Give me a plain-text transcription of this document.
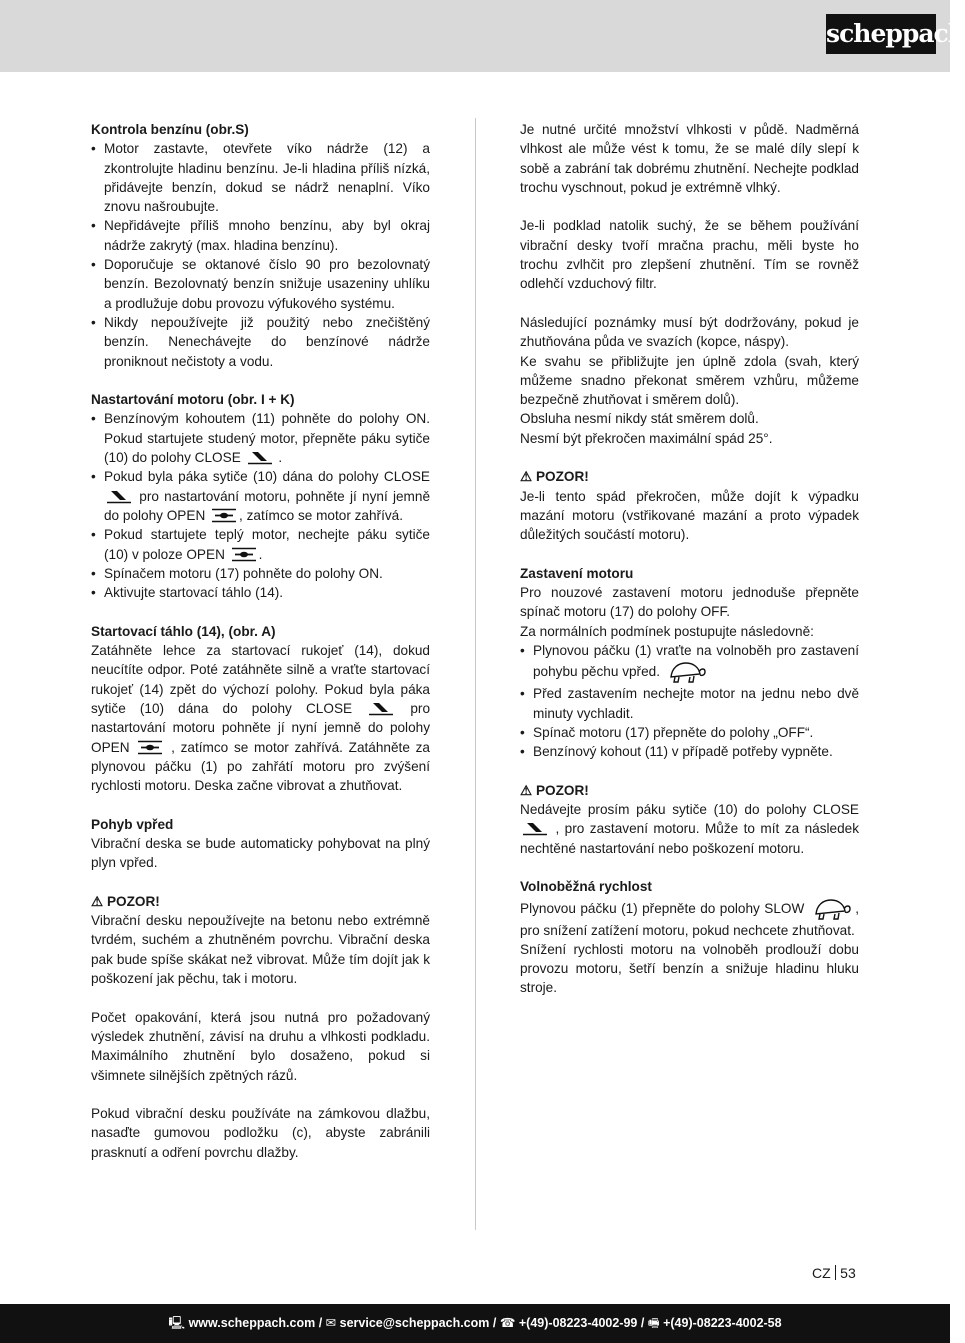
scheppach

Kontrola benzínu (obr.S)

• Motor zastavte, otevřete víko nádrže (12) a zkontrolujte hladinu benzínu. Je-li hladina příliš nízká, přidávejte benzín, dokud se nádrž nenaplní. Víko znovu našroubujte.
• Nepřidávejte příliš mnoho benzínu, aby byl okraj nádrže zakrytý (max. hladina benzínu).
• Doporučuje se oktanové číslo 90 pro bezolovnatý benzín. Bezolovnatý benzín snižuje usazeniny uhlíku a prodlužuje dobu provozu výfukového systému.
• Nikdy nepoužívejte již použitý nebo znečištěný benzín. Nenechávejte do benzínové nádrže proniknout nečistoty a vodu.

Nastartování motoru (obr. I + K)

• Benzínovým kohoutem (11) pohněte do polohy ON. Pokud startujete studený motor, přepněte páku sytiče (10) do polohy CLOSE	.
• Pokud byla páka sytiče (10) dána do polohy CLOSE
pro nastartování motoru, pohněte jí nyní jemně do polohy OPEN , zatímco se motor zahřívá.
• Pokud startujete teplý motor, nechejte páku sytiče (10) v poloze OPEN .
• Spínačem motoru (17) pohněte do polohy ON.
• Aktivujte startovací táhlo (14).

Startovací táhlo (14), (obr. A)

Zatáhněte lehce za startovací rukojeť (14), dokud neucítíte odpor. Poté zatáhněte silně a vraťte startovací rukojeť (14) zpět do výchozí polohy. Pokud byla páka sytiče (10) dána do polohy CLOSE	pro nastartování motoru pohněte jí nyní jemně do polohy OPEN	, zatímco se motor zahřívá. Zatáhněte za plynovou páčku (1) po zahřátí motoru pro zvýšení rychlosti motoru. Deska začne vibrovat a zhutňovat.

Pohyb vpřed

Vibrační deska se bude automaticky pohybovat na plný plyn vpřed.

⚠ POZOR!

Vibrační desku nepoužívejte na betonu nebo extrémně tvrdém, suchém a zhutněném povrchu. Vibrační deska pak bude spíše skákat než vibrovat. Může tím dojít jak k poškození jak pěchu, tak i motoru.

Počet opakování, která jsou nutná pro požadovaný výsledek zhutnění, závisí na druhu a vlhkosti podkladu. Maximálního zhutnění bylo dosaženo, pokud si všimnete silnějších zpětných rázů.

Pokud vibrační desku používáte na zámkovou dlažbu, nasaďte gumovou podložku (c), abyste zabránili prasknutí a odření povrchu dlažby.

Je nutné určité množství vlhkosti v půdě. Nadměrná vlhkost ale může vést k tomu, že se malé díly slepí k sobě a zabrání tak dobrému zhutnění. Nechejte podklad trochu vyschnout, pokud je extrémně vlhký.

Je-li podklad natolik suchý, že se během používání vibrační desky tvoří mračna prachu, měli byste ho trochu zvlhčit pro zlepšení zhutnění. Tím se rovněž odlehčí vzduchový filtr.

Následující poznámky musí být dodržovány, pokud je zhutňována půda ve svazích (kopce, náspy).

Ke svahu se přibližujte jen úplně zdola (svah, který můžeme snadno překonat směrem vzhůru, můžeme bezpečně zhutňovat i směrem dolů).

Obsluha nesmí nikdy stát směrem dolů.

Nesmí být překročen maximální spád 25°.

⚠ POZOR!

Je-li tento spád překročen, může dojít k výpadku mazání motoru (vstřikované mazání a proto výpadek důležitých součástí motoru).

Zastavení motoru

Pro nouzové zastavení motoru jednoduše přepněte spínač motoru (17) do polohy OFF.

Za normálních podmínek postupujte následovně:

• Plynovou páčku (1) vraťte na volnoběh pro zastavení pohybu pěchu vpřed.
• Před zastavením nechejte motor na jednu nebo dvě minuty vychladit.
• Spínač motoru (17) přepněte do polohy „OFF“.
• Benzínový kohout (11) v případě potřeby vypněte.

⚠ POZOR!

Nedávejte prosím páku sytiče (10) do polohy CLOSE
, pro zastavení motoru. Může to mít za následek nechtěné nastartování nebo poškození motoru.

Volnoběžná rychlost

Plynovou páčku (1) přepněte do polohy SLOW	, pro snížení zatížení motoru, pokud nechcete zhutňovat.

Snížení rychlosti motoru na volnoběh prodlouží dobu provozu motoru, šetří benzín a snižuje hladinu hluku stroje.

CZ 53
🖳 www.scheppach.com / ✉ service@scheppach.com / ☎ +(49)-08223-4002-99 / 🖷 +(49)-08223-4002-58
